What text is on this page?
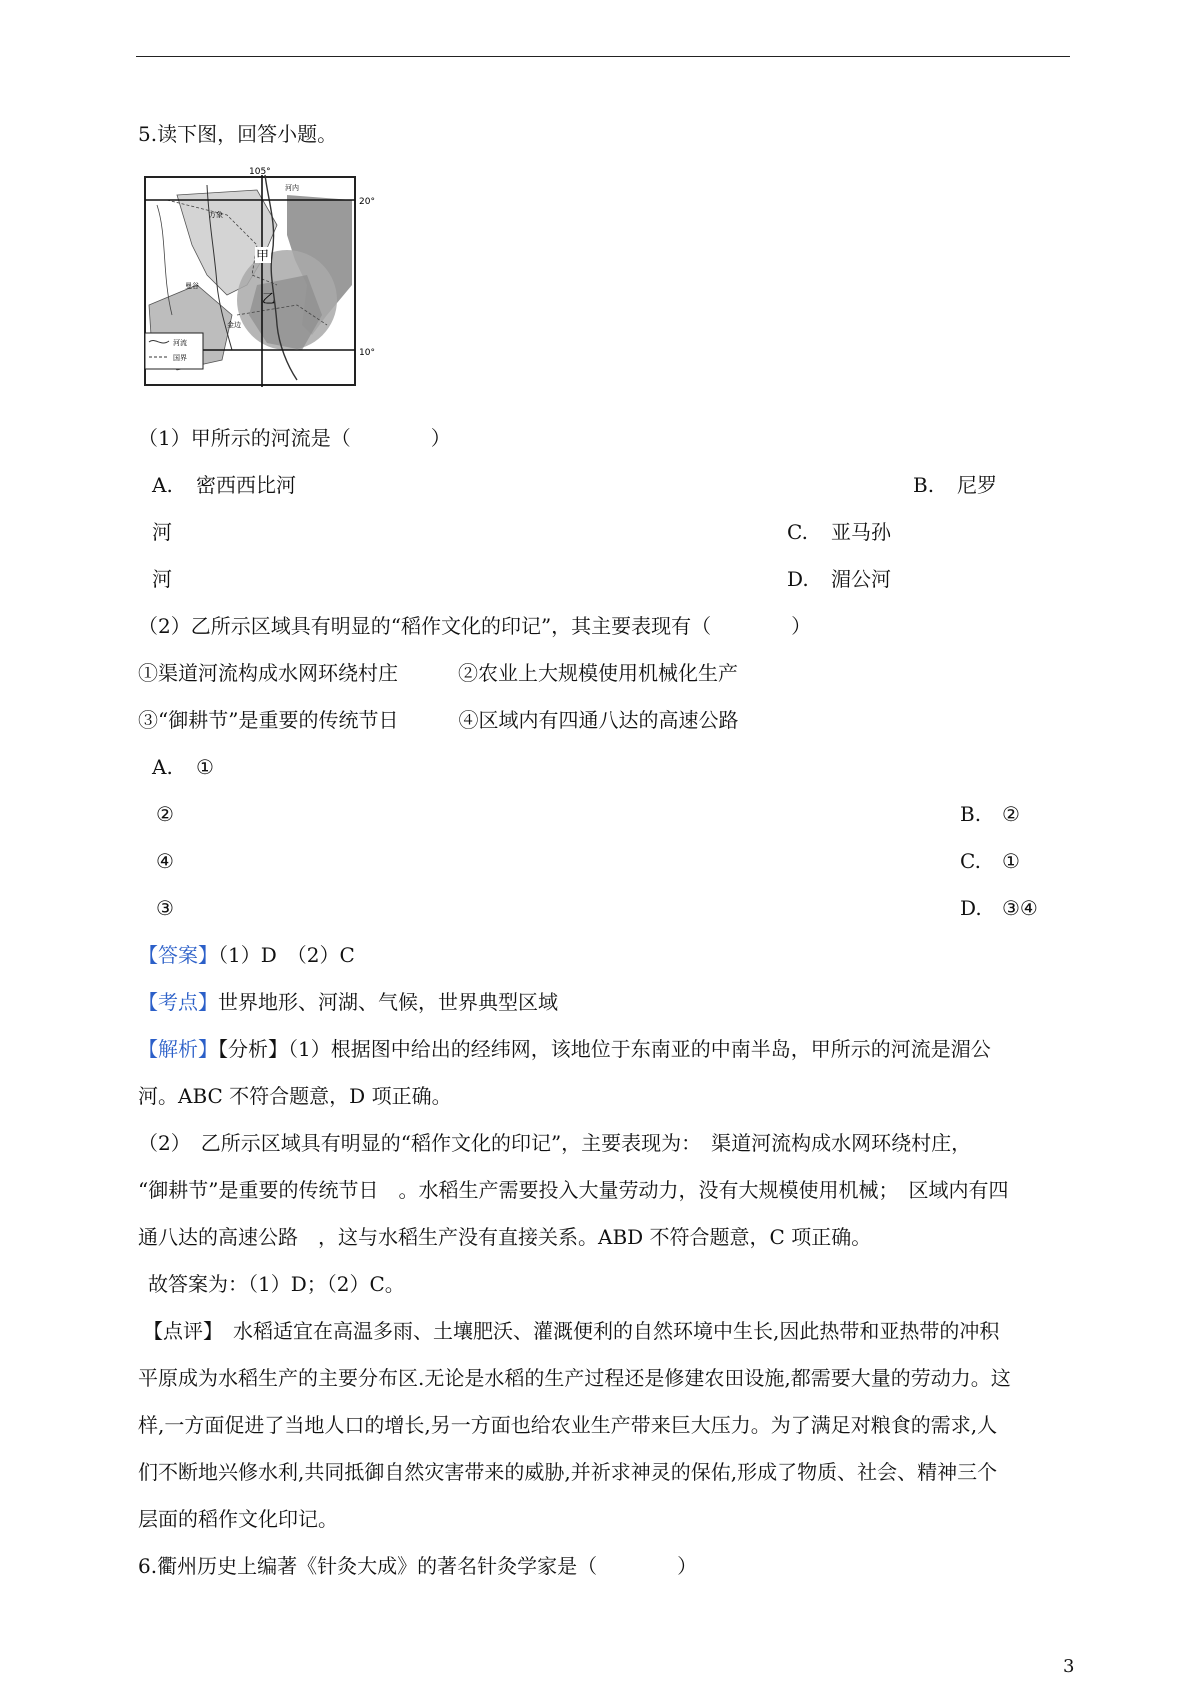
5.读下图，回答小题。
105°
20°
10°
甲
乙
万象
曼谷
河内
金边
河流
国界
（1）甲所示的河流是（　　　　）
A. 密西西比河	B. 尼罗
河	C. 亚马孙
河	D. 湄公河
（2）乙所示区域具有明显的“稻作文化的印记”，其主要表现有（　　　　）
①渠道河流构成水网环绕村庄　　　②农业上大规模使用机械化生产
③“御耕节”是重要的传统节日　　　④区域内有四通八达的高速公路
A. ①
②	B. ②
④	C. ①
③	D. ③④
【答案】（1）D　（2）C
【考点】世界地形、河湖、气候，世界典型区域
【解析】【分析】（1）根据图中给出的经纬网，该地位于东南亚的中南半岛，甲所示的河流是湄公
河。ABC 不符合题意，D 项正确。
（2）　乙所示区域具有明显的“稻作文化的印记”，主要表现为：　渠道河流构成水网环绕村庄，
“御耕节”是重要的传统节日　。水稻生产需要投入大量劳动力，没有大规模使用机械；　区域内有四
通八达的高速公路　，这与水稻生产没有直接关系。ABD 不符合题意，C 项正确。
故答案为：（1）D；（2）C。
【点评】　水稻适宜在高温多雨、土壤肥沃、灌溉便利的自然环境中生长,因此热带和亚热带的冲积
平原成为水稻生产的主要分布区.无论是水稻的生产过程还是修建农田设施,都需要大量的劳动力。这
样,一方面促进了当地人口的增长,另一方面也给农业生产带来巨大压力。为了满足对粮食的需求,人
们不断地兴修水利,共同抵御自然灾害带来的威胁,并祈求神灵的保佑,形成了物质、社会、精神三个
层面的稻作文化印记。
6.衢州历史上编著《针灸大成》的著名针灸学家是（　　　　）
3
